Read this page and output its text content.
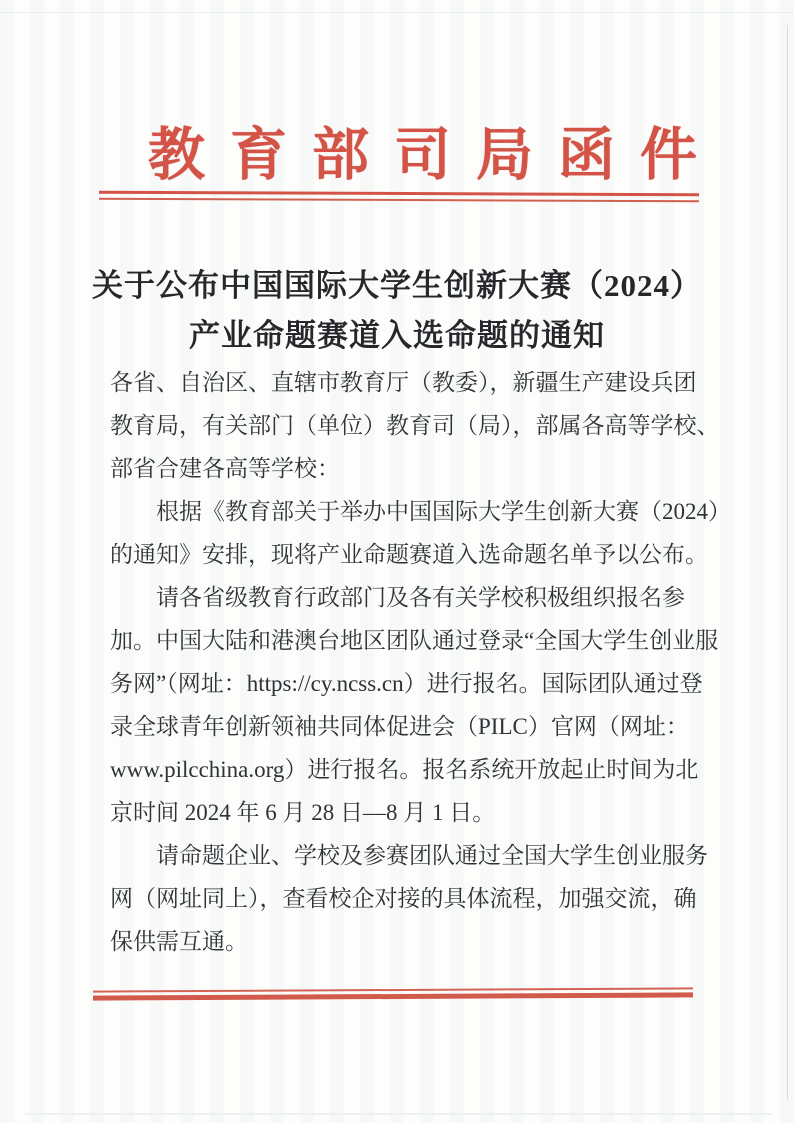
教育部司局函件
关于公布中国国际大学生创新大赛（2024）
产业命题赛道入选命题的通知
各省、自治区、直辖市教育厅（教委），新疆生产建设兵团
教育局，有关部门（单位）教育司（局），部属各高等学校、
部省合建各高等学校：
根据《教育部关于举办中国国际大学生创新大赛（2024）
的通知》安排，现将产业命题赛道入选命题名单予以公布。
请各省级教育行政部门及各有关学校积极组织报名参
加。中国大陆和港澳台地区团队通过登录“全国大学生创业服
务网”（网址：https://cy.ncss.cn）进行报名。国际团队通过登
录全球青年创新领袖共同体促进会（PILC）官网（网址：
www.pilcchina.org）进行报名。报名系统开放起止时间为北
京时间 2024 年 6 月 28 日—8 月 1 日。
请命题企业、学校及参赛团队通过全国大学生创业服务
网（网址同上），查看校企对接的具体流程，加强交流，确
保供需互通。
